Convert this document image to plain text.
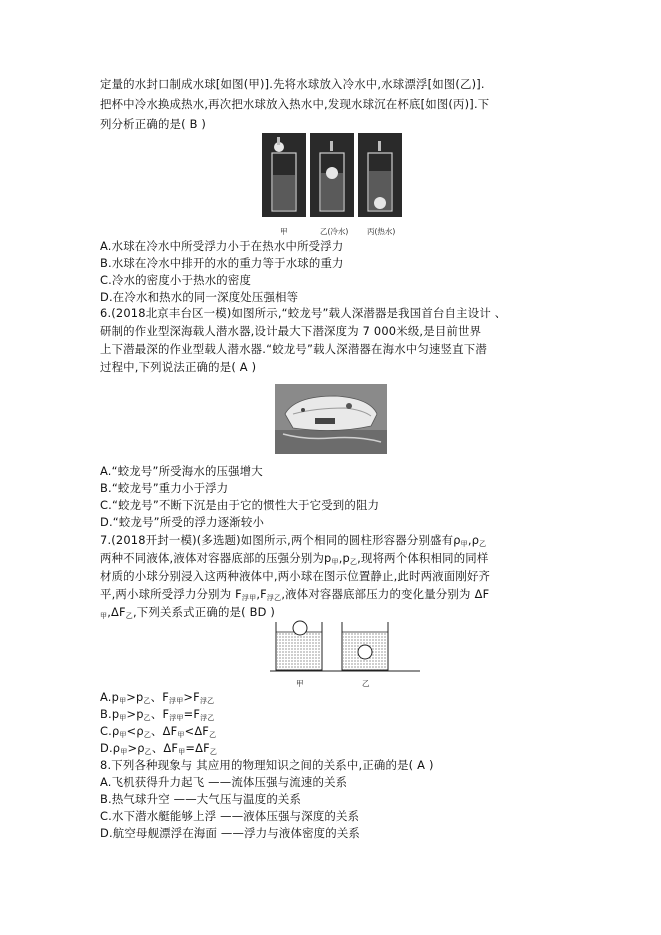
定量的水封口制成水球[如图(甲)].先将水球放入冷水中,水球漂浮[如图(乙)].
把杯中冷水换成热水,再次把水球放入热水中,发现水球沉在杯底[如图(丙)].下
列分析正确的是( B )
甲	乙(冷水) 丙(热水)
A.水球在冷水中所受浮力小于在热水中所受浮力
B.水球在冷水中排开的水的重力等于水球的重力
C.冷水的密度小于热水的密度
D.在冷水和热水的同一深度处压强相等
6.(2018北京丰台区一模)如图所示,“蛟龙号”载人深潜器是我国首台自主设计 、
研制的作业型深海载人潜水器,设计最大下潜深度为 7 000米级,是目前世界
上下潜最深的作业型载人潜水器.“蛟龙号”载人深潜器在海水中匀速竖直下潜
过程中,下列说法正确的是( A )
A.“蛟龙号”所受海水的压强增大
B.“蛟龙号”重力小于浮力
C.“蛟龙号”不断下沉是由于它的惯性大于它受到的阻力
D.“蛟龙号”所受的浮力逐渐较小
7.(2018开封一模)(多选题)如图所示,两个相同的圆柱形容器分别盛有$\rho_甲,\rho_乙$
两种不同液体,液体对容器底部的压强分别为$p_甲,p_乙$,现将两个体积相同的同样
材质的小球分别浸入这两种液体中,两小球在图示位置静止,此时两液面刚好齐
平,两小球所受浮力分别为 $F_{浮甲},F_{浮乙}$,液体对容器底部压力的变化量分别为 ΔF
$_甲,\Delta F_乙$,下列关系式正确的是( BD )
甲	乙
$A.p_甲>p_乙$、$F_{浮甲}>F_{浮乙}$
$B.p_甲>p_乙$、$F_{浮甲}=F_{浮乙}$
$C.\rho_甲<\rho_乙$、$\Delta F_甲<\Delta F_乙$
$D.\rho_甲>\rho_乙$、$\Delta F_甲=\Delta F_乙$
8.下列各种现象与 其应用的物理知识之间的关系中,正确的是( A )
A.飞机获得升力起飞 ——流体压强与流速的关系
B.热气球升空 ——大气压与温度的关系
C.水下潜水艇能够上浮 ——液体压强与深度的关系
D.航空母舰漂浮在海面 ——浮力与液体密度的关系
